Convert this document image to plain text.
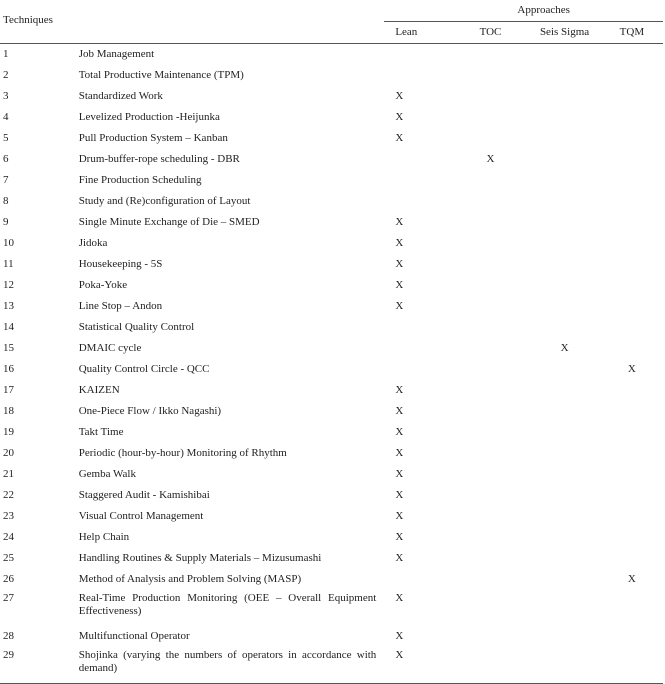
Techniques		Approaches			
		Lean	TOC	Seis Sigma	TQM
1	Job Management				
2	Total Productive Maintenance (TPM)				
3	Standardized Work	X			
4	Levelized Production -Heijunka	X			
5	Pull Production System – Kanban	X			
6	Drum-buffer-rope scheduling - DBR		X		
7	Fine Production Scheduling				
8	Study and (Re)configuration of Layout				
9	Single Minute Exchange of Die – SMED	X			
10	Jidoka	X			
11	Housekeeping - 5S	X			
12	Poka-Yoke	X			
13	Line Stop – Andon	X			
14	Statistical Quality Control				
15	DMAIC cycle			X	
16	Quality Control Circle - QCC				X
17	KAIZEN	X			
18	One-Piece Flow / Ikko Nagashi)	X			
19	Takt Time	X			
20	Periodic (hour-by-hour) Monitoring of Rhythm	X			
21	Gemba Walk	X			
22	Staggered Audit - Kamishibai	X			
23	Visual Control Management	X			
24	Help Chain	X			
25	Handling Routines & Supply Materials – Mizusumashi	X			
26	Method of Analysis and Problem Solving (MASP)				X
27	Real-Time Production Monitoring (OEE – Overall Equipment Effectiveness)	X			
28	Multifunctional Operator	X			
29	Shojinka (varying the numbers of operators in accordance with demand)	X			
